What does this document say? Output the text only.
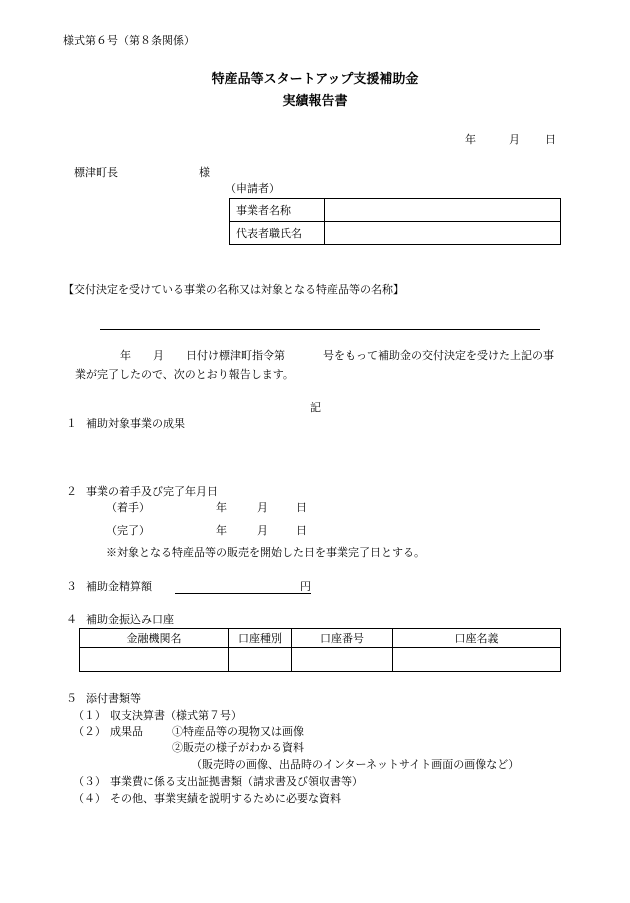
様式第６号（第８条関係）
特産品等スタートアップ支援補助金
実績報告書
年	月 日
標津町長	様
（申請者）
事業者名称	
代表者職氏名	
【交付決定を受けている事業の名称又は対象となる特産品等の名称】
年 月 日付け標津町指令第	号をもって補助金の交付決定を受けた上記の事
業が完了したので、次のとおり報告します。
記
１ 補助対象事業の成果
２ 事業の着手及び完了年月日
（着手）	年	月	日
（完了）	年	月	日
※対象となる特産品等の販売を開始した日を事業完了日とする。
３ 補助金精算額	円
４ 補助金振込み口座
金融機関名	口座種別	口座番号	口座名義

５ 添付書類等
（１） 収支決算書（様式第７号）
（２） 成果品	①特産品等の現物又は画像
②販売の様子がわかる資料
（販売時の画像、出品時のインターネットサイト画面の画像など）
（３） 事業費に係る支出証拠書類（請求書及び領収書等）
（４） その他、事業実績を説明するために必要な資料
